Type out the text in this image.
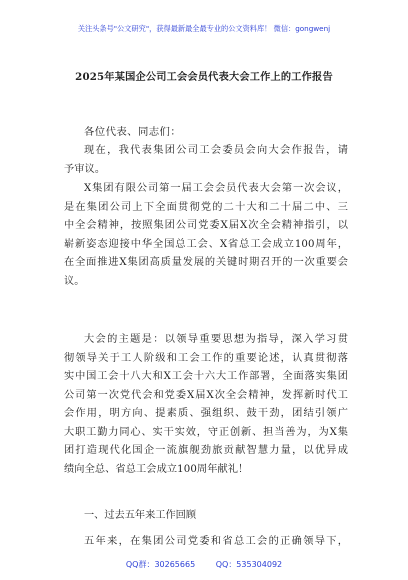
关注头条号"公文研究"，获得最新最全最专业的公文资料库！ 微信：gongwenj
2025年某国企公司工会会员代表大会工作上的工作报告
各位代表、同志们：
现在，我代表集团公司工会委员会向大会作报告，请
予审议。
X集团有限公司第一届工会会员代表大会第一次会议，
是在集团公司上下全面贯彻党的二十大和二十届二中、三
中全会精神，按照集团公司党委X届X次全会精神指引，以
崭新姿态迎接中华全国总工会、X省总工会成立100周年，
在全面推进X集团高质量发展的关键时期召开的一次重要会
议。
大会的主题是：以领导重要思想为指导，深入学习贯
彻领导关于工人阶级和工会工作的重要论述，认真贯彻落
实中国工会十八大和X工会十六大工作部署，全面落实集团
公司第一次党代会和党委X届X次全会精神，发挥新时代工
会作用，明方向、提素质、强组织、鼓干劲，团结引领广
大职工勤力同心、实干实效，守正创新、担当善为，为X集
团打造现代化国企一流旗舰劲旅贡献智慧力量，以优异成
绩向全总、省总工会成立100周年献礼！
一、过去五年来工作回顾
五年来，在集团公司党委和省总工会的正确领导下，
QQ群：30265665	QQ：535304092
